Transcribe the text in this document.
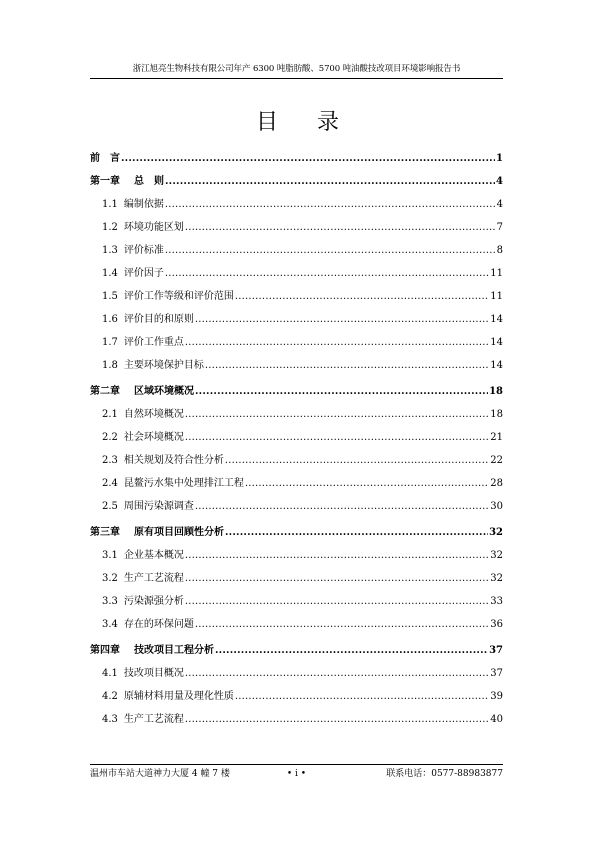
浙江旭亮生物科技有限公司年产 6300 吨脂肪酸、5700 吨油酸技改项目环境影响报告书
目 录
前　言 .....	1
第一章 总　则 .....	4
1.1 编制依据 .....	4
1.2 环境功能区划 .....	7
1.3 评价标准 .....	8
1.4 评价因子 .....	11
1.5 评价工作等级和评价范围 .....	11
1.6 评价目的和原则 .....	14
1.7 评价工作重点 .....	14
1.8 主要环境保护目标 .....	14
第二章 区域环境概况 .....	18
2.1 自然环境概况 .....	18
2.2 社会环境概况 .....	21
2.3 相关规划及符合性分析 .....	22
2.4 昆鳌污水集中处理排江工程 .....	28
2.5 周围污染源调查 .....	30
第三章 原有项目回顾性分析 .....	32
3.1 企业基本概况 .....	32
3.2 生产工艺流程 .....	32
3.3 污染源强分析 .....	33
3.4 存在的环保问题 .....	36
第四章 技改项目工程分析 .....	37
4.1 技改项目概况 .....	37
4.2 原辅材料用量及理化性质 .....	39
4.3 生产工艺流程 .....	40
温州市车站大道神力大厦 4 幢 7 楼	• i •	联系电话：0577-88983877
